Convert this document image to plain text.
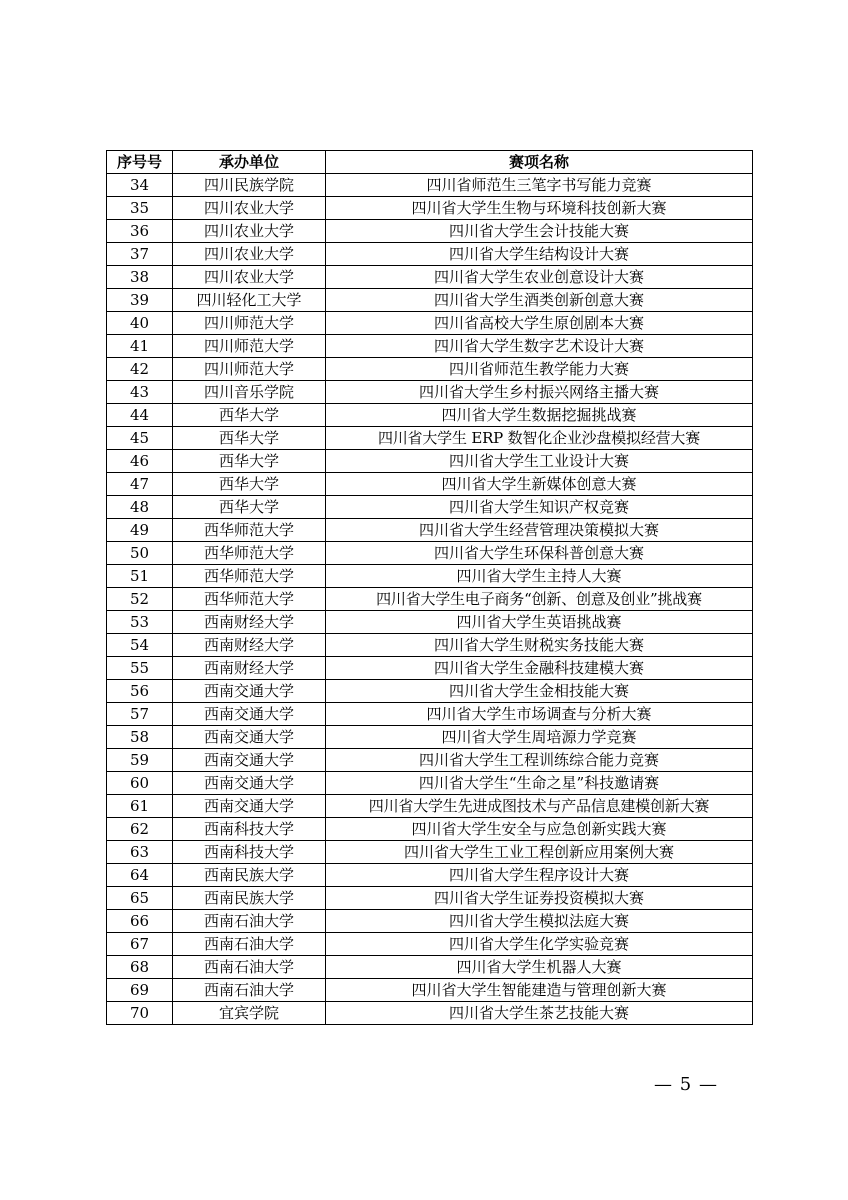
序号号	承办单位	赛项名称
34	四川民族学院	四川省师范生三笔字书写能力竞赛
35	四川农业大学	四川省大学生生物与环境科技创新大赛
36	四川农业大学	四川省大学生会计技能大赛
37	四川农业大学	四川省大学生结构设计大赛
38	四川农业大学	四川省大学生农业创意设计大赛
39	四川轻化工大学	四川省大学生酒类创新创意大赛
40	四川师范大学	四川省高校大学生原创剧本大赛
41	四川师范大学	四川省大学生数字艺术设计大赛
42	四川师范大学	四川省师范生教学能力大赛
43	四川音乐学院	四川省大学生乡村振兴网络主播大赛
44	西华大学	四川省大学生数据挖掘挑战赛
45	西华大学	四川省大学生 ERP 数智化企业沙盘模拟经营大赛
46	西华大学	四川省大学生工业设计大赛
47	西华大学	四川省大学生新媒体创意大赛
48	西华大学	四川省大学生知识产权竞赛
49	西华师范大学	四川省大学生经营管理决策模拟大赛
50	西华师范大学	四川省大学生环保科普创意大赛
51	西华师范大学	四川省大学生主持人大赛
52	西华师范大学	四川省大学生电子商务“创新、创意及创业”挑战赛
53	西南财经大学	四川省大学生英语挑战赛
54	西南财经大学	四川省大学生财税实务技能大赛
55	西南财经大学	四川省大学生金融科技建模大赛
56	西南交通大学	四川省大学生金相技能大赛
57	西南交通大学	四川省大学生市场调查与分析大赛
58	西南交通大学	四川省大学生周培源力学竞赛
59	西南交通大学	四川省大学生工程训练综合能力竞赛
60	西南交通大学	四川省大学生“生命之星”科技邀请赛
61	西南交通大学	四川省大学生先进成图技术与产品信息建模创新大赛
62	西南科技大学	四川省大学生安全与应急创新实践大赛
63	西南科技大学	四川省大学生工业工程创新应用案例大赛
64	西南民族大学	四川省大学生程序设计大赛
65	西南民族大学	四川省大学生证券投资模拟大赛
66	西南石油大学	四川省大学生模拟法庭大赛
67	西南石油大学	四川省大学生化学实验竞赛
68	西南石油大学	四川省大学生机器人大赛
69	西南石油大学	四川省大学生智能建造与管理创新大赛
70	宜宾学院	四川省大学生茶艺技能大赛
— 5 —
